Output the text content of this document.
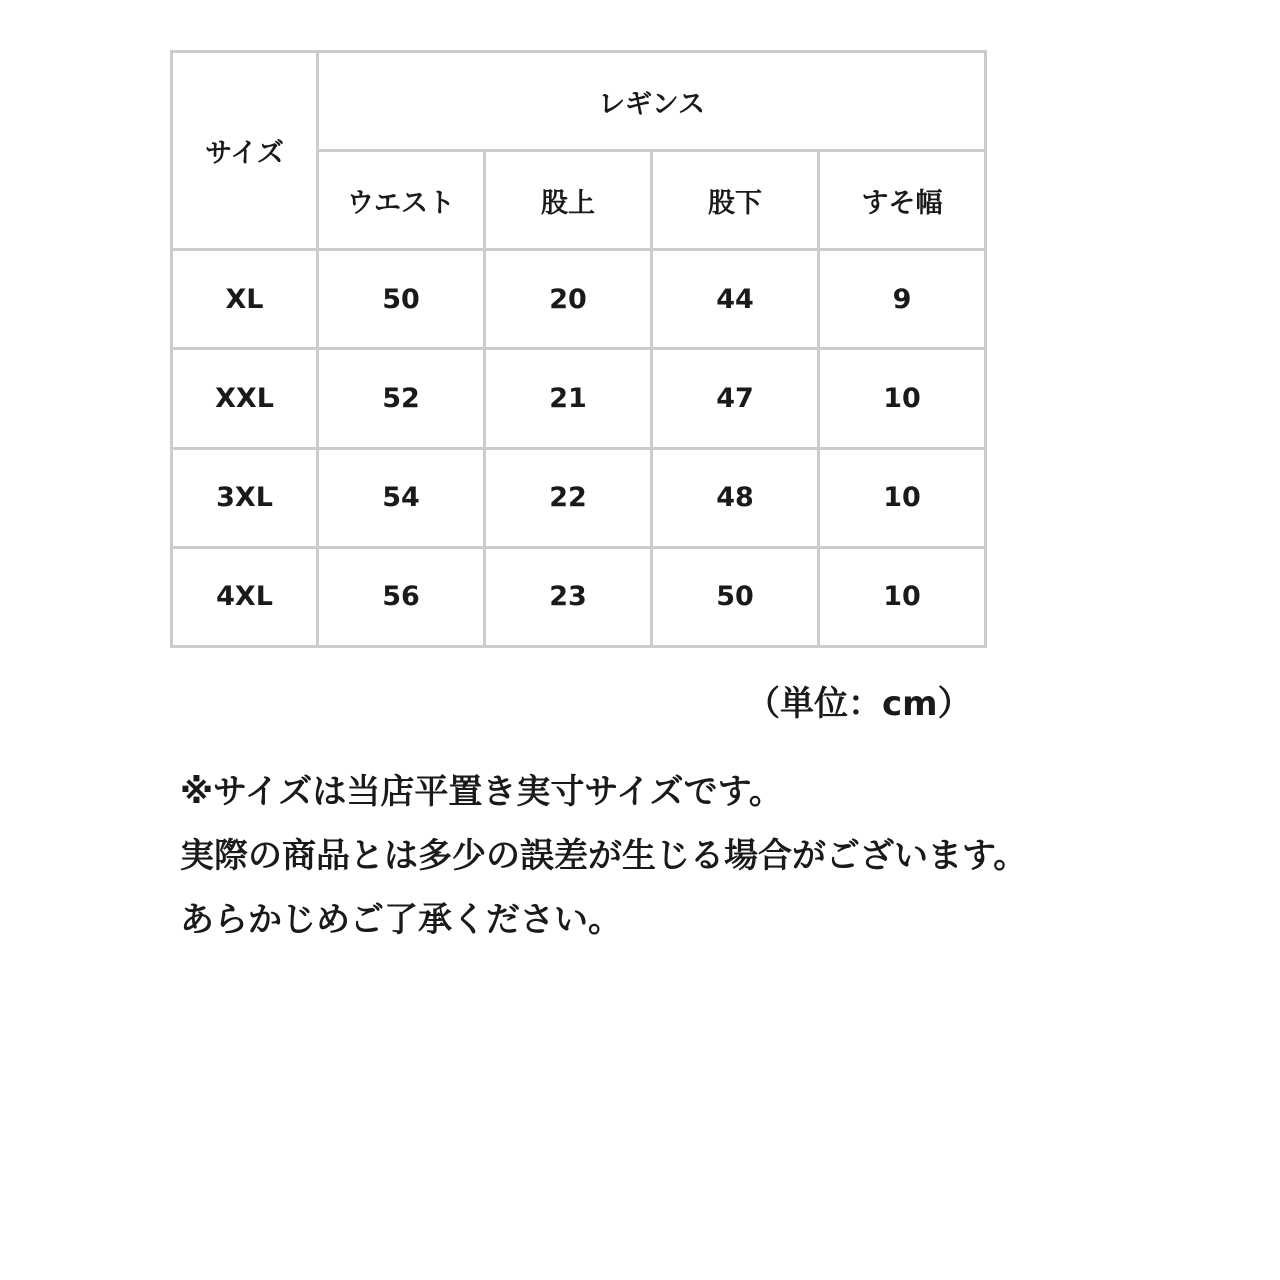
サイズ	レギンス			
	ウエスト	股上	股下	すそ幅
XL	50	20	44	9
XXL	52	21	47	10
3XL	54	22	48	10
4XL	56	23	50	10
（単位：cm）

※サイズは当店平置き実寸サイズです。

実際の商品とは多少の誤差が生じる場合がございます。

あらかじめご了承ください。
